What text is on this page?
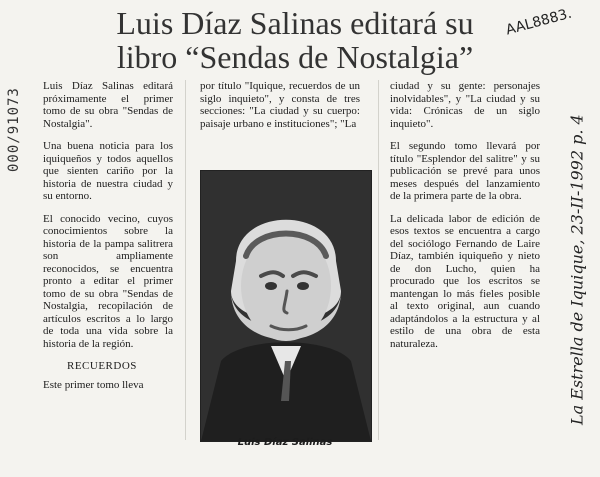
000/91073	La Estrella de Iquique, 23-II-1992 p. 4
AAL8883.
Luis Díaz Salinas editará su
libro “Sendas de Nostalgia”

Luis Díaz Salinas editará próximamente el primer tomo de su obra "Sendas de Nostalgia".

Una buena noticia para los iquiqueños y todos aquellos que sienten cariño por la historia de nuestra ciudad y su entorno.

El conocido vecino, cuyos conocimientos sobre la historia de la pampa salitrera son ampliamente reconocidos, se encuentra pronto a editar el primer tomo de su obra "Sendas de Nostalgia, recopilación de artículos escritos a lo largo de toda una vida sobre la historia de la región.

RECUERDOS

Este primer tomo lleva

por título "Iquique, recuerdos de un siglo inquieto", y consta de tres secciones: "La ciudad y su cuerpo: paisaje urbano e instituciones"; "La

Luis Díaz Salinas

ciudad y su gente: personajes inolvidables", y "La ciudad y su vida: Crónicas de un siglo inquieto".

El segundo tomo llevará por título "Esplendor del salitre" y su publicación se prevé para unos meses después del lanzamiento de la primera parte de la obra.

La delicada labor de edición de esos textos se encuentra a cargo del sociólogo Fernando de Laire Díaz, también iquiqueño y nieto de don Lucho, quien ha procurado que los escritos se mantengan lo más fieles posible al texto original, aun cuando adaptándolos a la estructura y al estilo de una obra de esta naturaleza.
